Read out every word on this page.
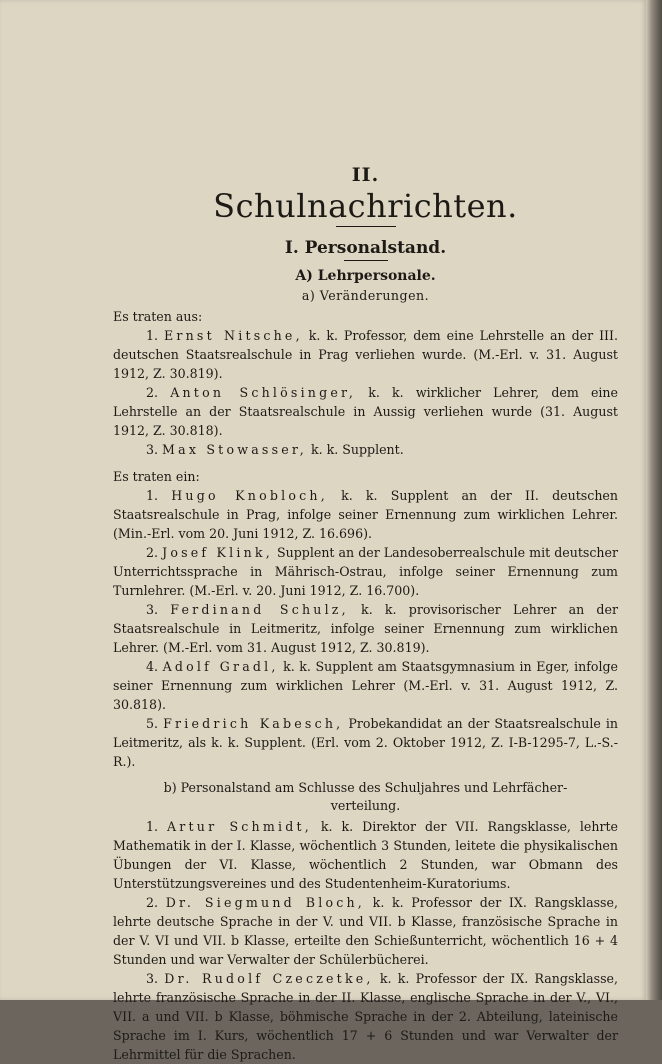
II.
Schulnachrichten.
I. Personalstand.
A) Lehrpersonale.
a) Veränderungen.
Es traten aus:

1. Ernst Nitsche, k. k. Professor, dem eine Lehrstelle an der III. deutschen Staatsrealschule in Prag verliehen wurde. (M.-Erl. v. 31. August 1912, Z. 30.819).

2. Anton Schlösinger, k. k. wirklicher Lehrer, dem eine Lehrstelle an der Staatsrealschule in Aussig verliehen wurde (31. August 1912, Z. 30.818).

3. Max Stowasser, k. k. Supplent.

Es traten ein:

1. Hugo Knobloch, k. k. Supplent an der II. deutschen Staatsrealschule in Prag, infolge seiner Ernennung zum wirklichen Lehrer. (Min.-Erl. vom 20. Juni 1912, Z. 16.696).

2. Josef Klink, Supplent an der Landesoberrealschule mit deutscher Unterrichtssprache in Mährisch-Ostrau, infolge seiner Ernennung zum Turnlehrer. (M.-Erl. v. 20. Juni 1912, Z. 16.700).

3. Ferdinand Schulz, k. k. provisorischer Lehrer an der Staatsrealschule in Leitmeritz, infolge seiner Ernennung zum wirklichen Lehrer. (M.-Erl. vom 31. August 1912, Z. 30.819).

4. Adolf Gradl, k. k. Supplent am Staatsgymnasium in Eger, infolge seiner Ernennung zum wirklichen Lehrer (M.-Erl. v. 31. August 1912, Z. 30.818).

5. Friedrich Kabesch, Probekandidat an der Staatsrealschule in Leitmeritz, als k. k. Supplent. (Erl. vom 2. Oktober 1912, Z. I-B-1295-7, L.-S.-R.).

b) Personalstand am Schlusse des Schuljahres und Lehrfächer-
verteilung.

1. Artur Schmidt, k. k. Direktor der VII. Rangsklasse, lehrte Mathematik in der I. Klasse, wöchentlich 3 Stunden, leitete die physikalischen Übungen der VI. Klasse, wöchentlich 2 Stunden, war Obmann des Unterstützungsvereines und des Studentenheim-Kuratoriums.

2. Dr. Siegmund Bloch, k. k. Professor der IX. Rangsklasse, lehrte deutsche Sprache in der V. und VII. b Klasse, französische Sprache in der V. VI und VII. b Klasse, erteilte den Schießunterricht, wöchentlich 16 + 4 Stunden und war Verwalter der Schülerbücherei.

3. Dr. Rudolf Czeczetke, k. k. Professor der IX. Rangsklasse, lehrte französische Sprache in der II. Klasse, englische Sprache in der V., VI., VII. a und VII. b Klasse, böhmische Sprache in der 2. Abteilung, lateinische Sprache im I. Kurs, wöchentlich 17 + 6 Stunden und war Verwalter der Lehrmittel für die Sprachen.
